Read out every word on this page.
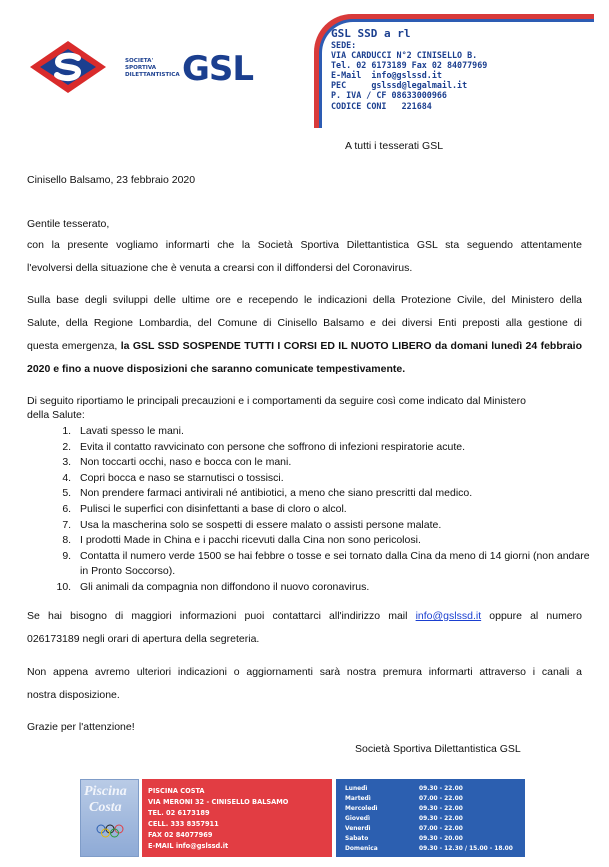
SOCIETA'
SPORTIVA
DILETTANTISTICA GSL
GSL SSD a rl
SEDE:
VIA CARDUCCI N°2 CINISELLO B.
Tel. 02 6173189 Fax 02 84077969
E-Mail  info@gslssd.it
PEC     gslssd@legalmail.it
P. IVA / CF 08633000966
CODICE CONI   221684
A tutti i tesserati GSL
Cinisello Balsamo, 23 febbraio 2020
Gentile tesserato,
con la presente vogliamo informarti che la Società Sportiva Dilettantistica GSL sta seguendo attentamente
l'evolversi della situazione che è venuta a crearsi con il diffondersi del Coronavirus.
Sulla base degli sviluppi delle ultime ore e recependo le indicazioni della Protezione Civile, del Ministero della
Salute, della Regione Lombardia, del Comune di Cinisello Balsamo e dei diversi Enti preposti alla gestione di
questa emergenza, la GSL SSD SOSPENDE TUTTI I CORSI ED IL NUOTO LIBERO da domani lunedì 24 febbraio
2020 e fino a nuove disposizioni che saranno comunicate tempestivamente.
Di seguito riportiamo le principali precauzioni e i comportamenti da seguire così come indicato dal Ministero
della Salute:
1. Lavati spesso le mani.
2. Evita il contatto ravvicinato con persone che soffrono di infezioni respiratorie acute.
3. Non toccarti occhi, naso e bocca con le mani.
4. Copri bocca e naso se starnutisci o tossisci.
5. Non prendere farmaci antivirali né antibiotici, a meno che siano prescritti dal medico.
6. Pulisci le superfici con disinfettanti a base di cloro o alcol.
7. Usa la mascherina solo se sospetti di essere malato o assisti persone malate.
8. I prodotti Made in China e i pacchi ricevuti dalla Cina non sono pericolosi.
9. Contatta il numero verde 1500 se hai febbre o tosse e sei tornato dalla Cina da meno di 14 giorni (non andare in Pronto Soccorso).
10. Gli animali da compagnia non diffondono il nuovo coronavirus.
Se hai bisogno di maggiori informazioni puoi contattarci all'indirizzo mail info@gslssd.it oppure al numero
026173189 negli orari di apertura della segreteria.
Non appena avremo ulteriori indicazioni o aggiornamenti sarà nostra premura informarti attraverso i canali a
nostra disposizione.
Grazie per l'attenzione!
Società Sportiva Dilettantistica GSL
Piscina
Costa
PISCINA COSTA
VIA MERONI 32 - CINISELLO BALSAMO
TEL. 02 6173189
CELL. 333 8357911
FAX 02 84077969
E-MAIL info@gslssd.it
Lunedì	09.30 - 22.00
Martedì	07.00 - 22.00
Mercoledì	09.30 - 22.00
Giovedì	09.30 - 22.00
Venerdì	07.00 - 22.00
Sabato	09.30 - 20.00
Domenica	09.30 - 12.30 / 15.00 - 18.00
